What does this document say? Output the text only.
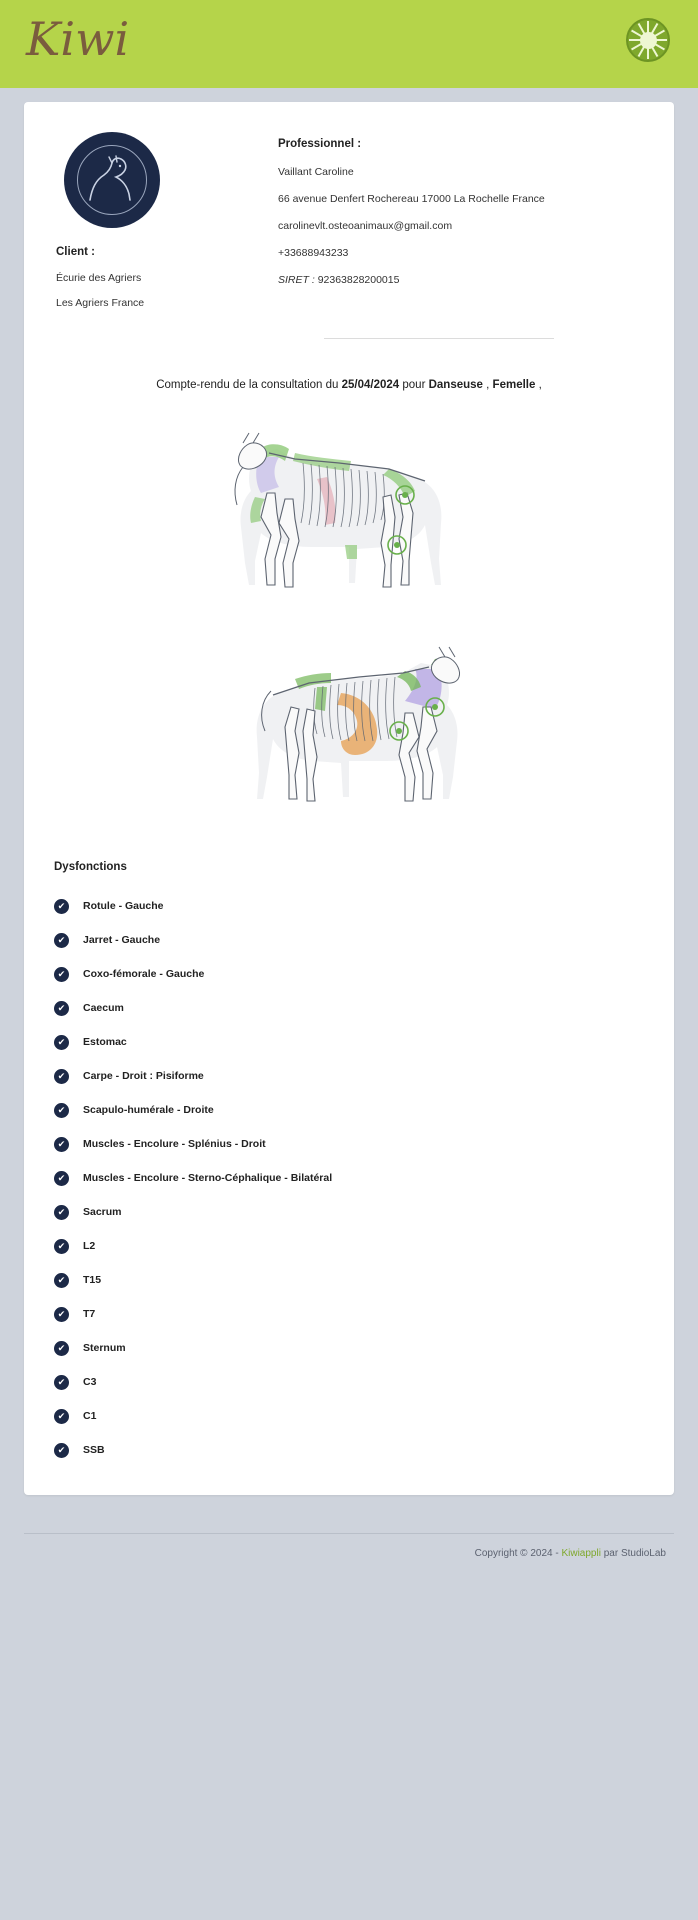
Kiwi
Client :
Écurie des Agriers
Les Agriers France
Professionnel :
Vaillant Caroline
66 avenue Denfert Rochereau 17000 La Rochelle France
carolinevlt.osteoanimaux@gmail.com
+33688943233
SIRET : 92363828200015
Compte-rendu de la consultation du 25/04/2024 pour Danseuse , Femelle ,
Dysfonctions
✔	Rotule - Gauche
✔	Jarret - Gauche
✔	Coxo-fémorale - Gauche
✔	Caecum
✔	Estomac
✔	Carpe - Droit : Pisiforme
✔	Scapulo-humérale - Droite
✔	Muscles - Encolure - Splénius - Droit
✔	Muscles - Encolure - Sterno-Céphalique - Bilatéral
✔	Sacrum
✔	L2
✔	T15
✔	T7
✔	Sternum
✔	C3
✔	C1
✔	SSB
Copyright © 2024 - Kiwiappli par StudioLab
